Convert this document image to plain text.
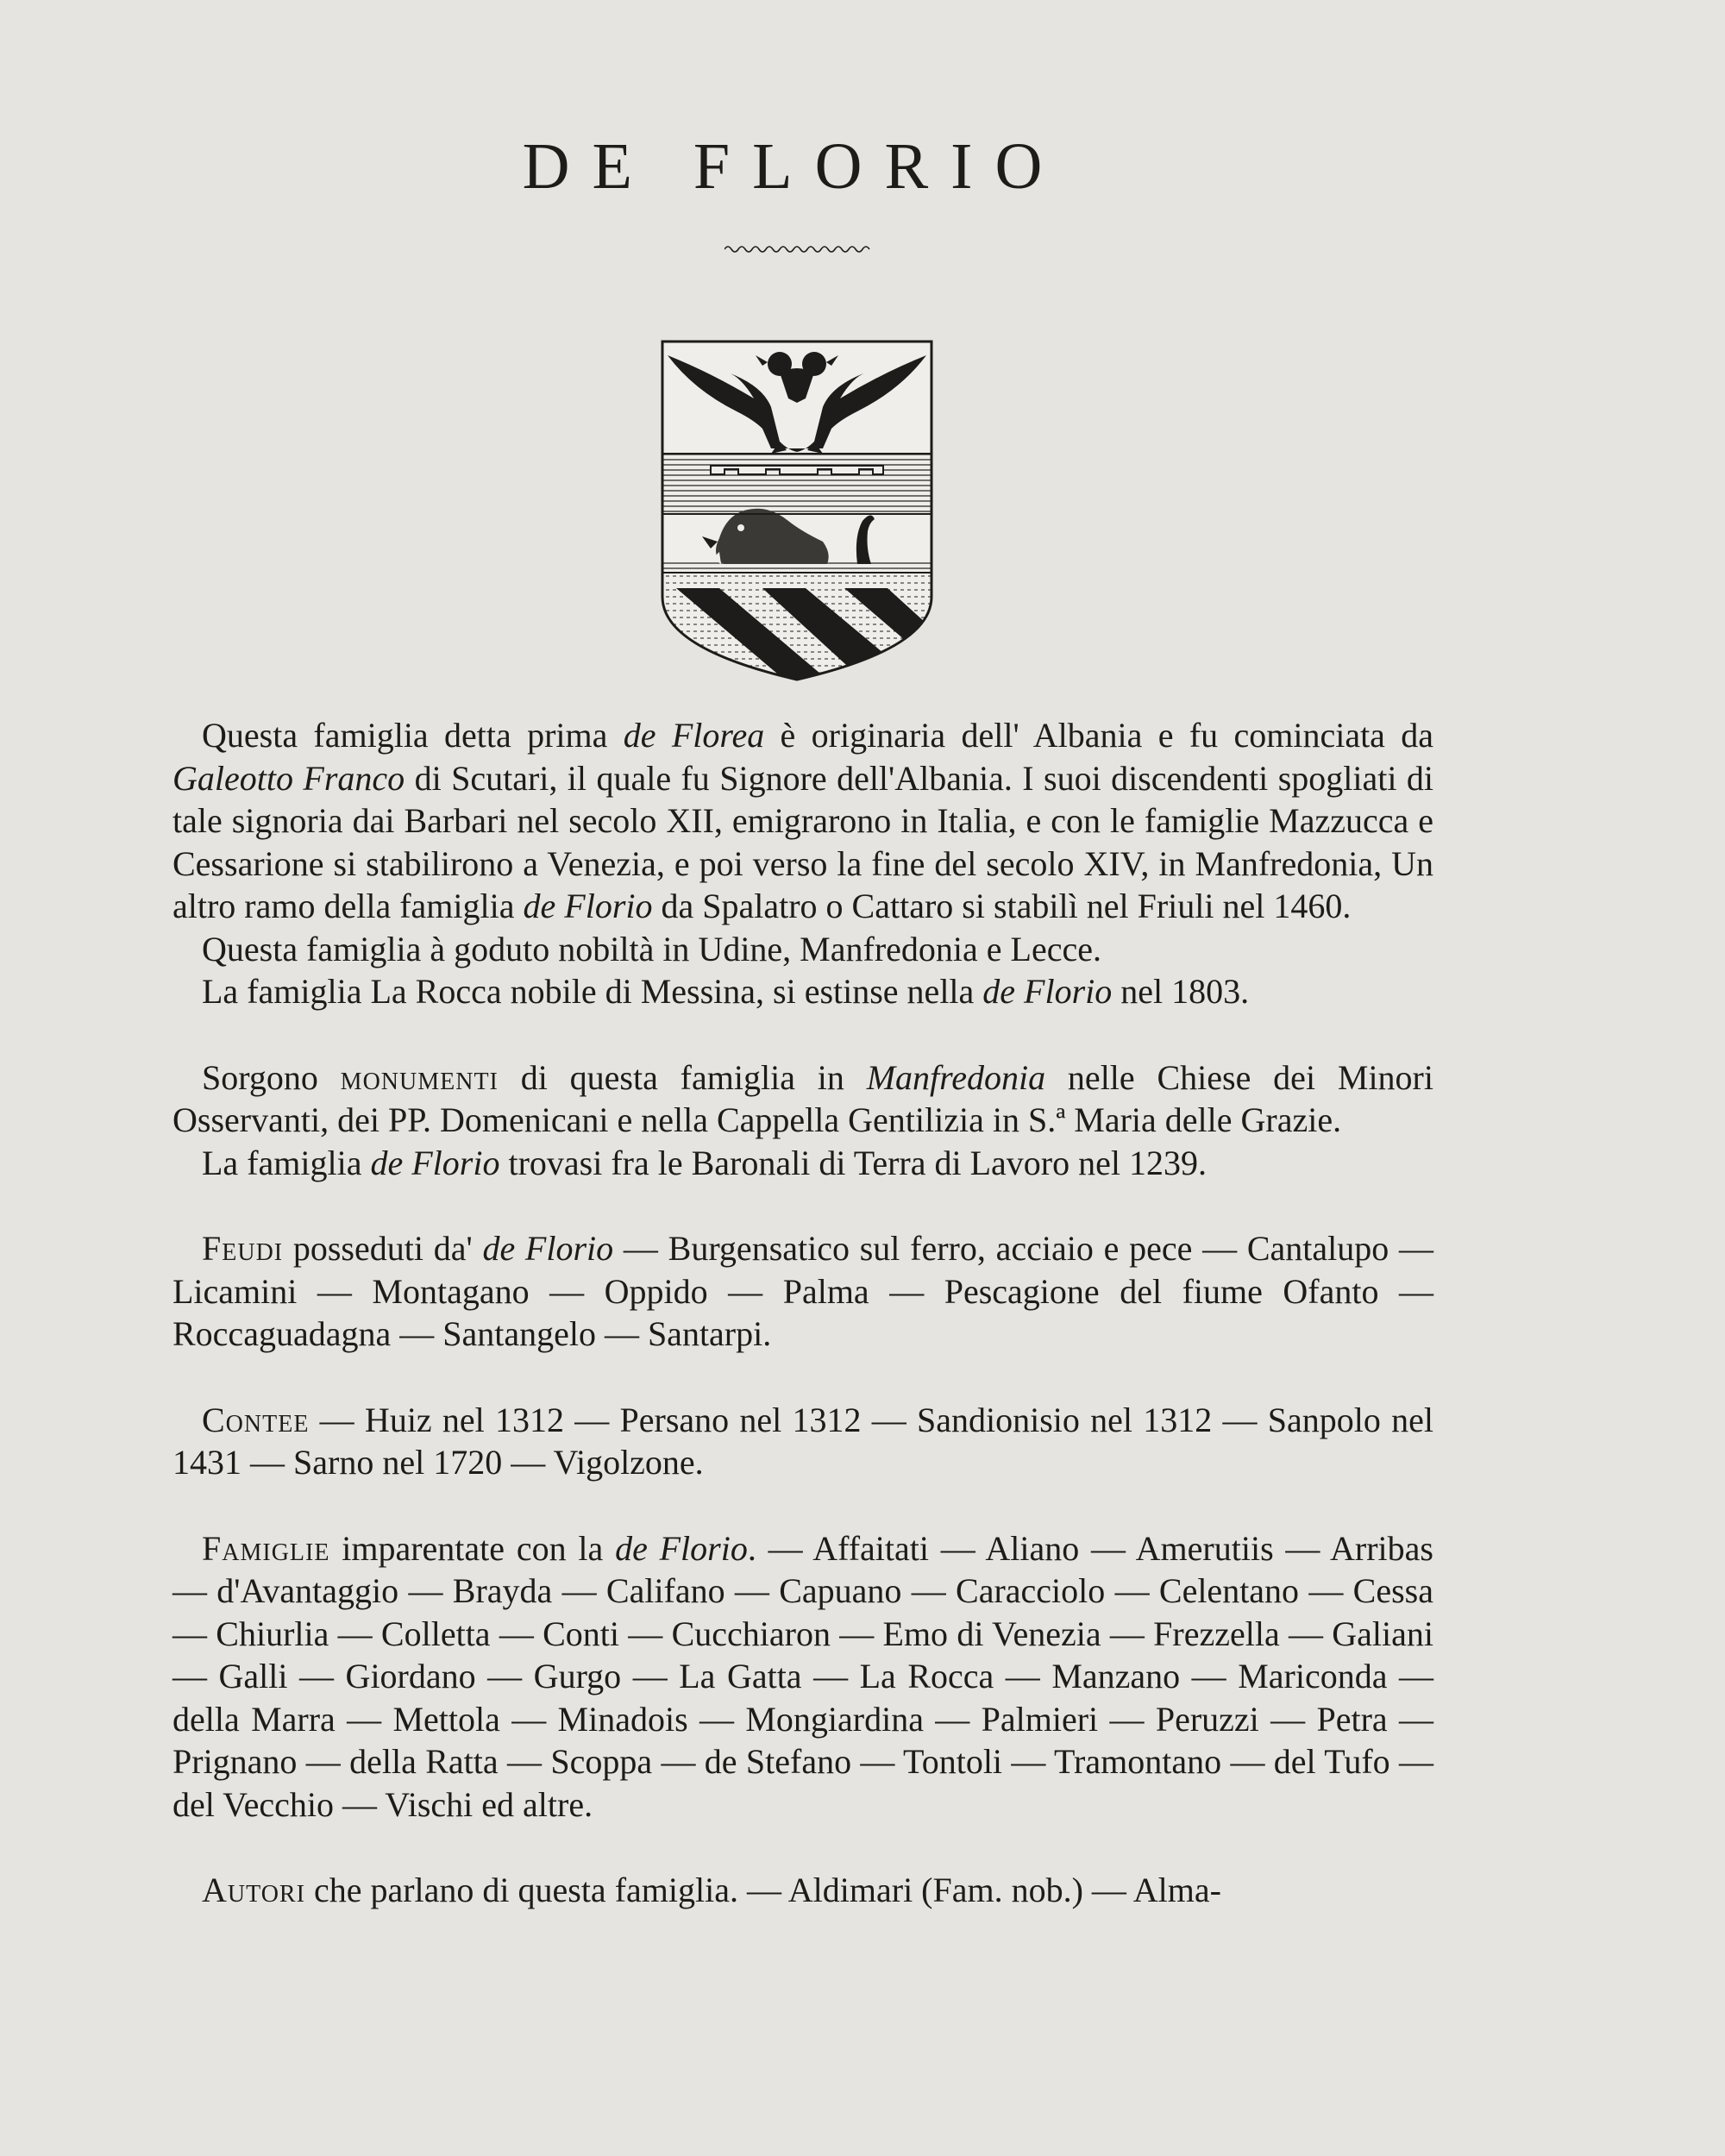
DE FLORIO

Questa famiglia detta prima de Florea è originaria dell' Albania e fu cominciata da Galeotto Franco di Scutari, il quale fu Signore dell'Albania. I suoi discendenti spogliati di tale signoria dai Barbari nel secolo XII, emigrarono in Italia, e con le famiglie Mazzucca e Cessarione si stabilirono a Venezia, e poi verso la fine del secolo XIV, in Manfredonia, Un altro ramo della famiglia de Florio da Spalatro o Cattaro si stabilì nel Friuli nel 1460.

Questa famiglia à goduto nobiltà in Udine, Manfredonia e Lecce.

La famiglia La Rocca nobile di Messina, si estinse nella de Florio nel 1803.

Sorgono monumenti di questa famiglia in Manfredonia nelle Chiese dei Minori Osservanti, dei PP. Domenicani e nella Cappella Gentilizia in S.ª Maria delle Grazie.

La famiglia de Florio trovasi fra le Baronali di Terra di Lavoro nel 1239.

Feudi posseduti da' de Florio — Burgensatico sul ferro, acciaio e pece — Cantalupo — Licamini — Montagano — Oppido — Palma — Pescagione del fiume Ofanto — Roccaguadagna — Santangelo — Santarpi.

Contee — Huiz nel 1312 — Persano nel 1312 — Sandionisio nel 1312 — Sanpolo nel 1431 — Sarno nel 1720 — Vigolzone.

Famiglie imparentate con la de Florio. — Affaitati — Aliano — Amerutiis — Arribas — d'Avantaggio — Brayda — Califano — Capuano — Caracciolo — Celentano — Cessa — Chiurlia — Colletta — Conti — Cucchiaron — Emo di Venezia — Frezzella — Galiani — Galli — Giordano — Gurgo — La Gatta — La Rocca — Manzano — Mariconda — della Marra — Mettola — Minadois — Mongiardina — Palmieri — Peruzzi — Petra — Prignano — della Ratta — Scoppa — de Stefano — Tontoli — Tramontano — del Tufo — del Vecchio — Vischi ed altre.

Autori che parlano di questa famiglia. — Aldimari (Fam. nob.) — Alma-
